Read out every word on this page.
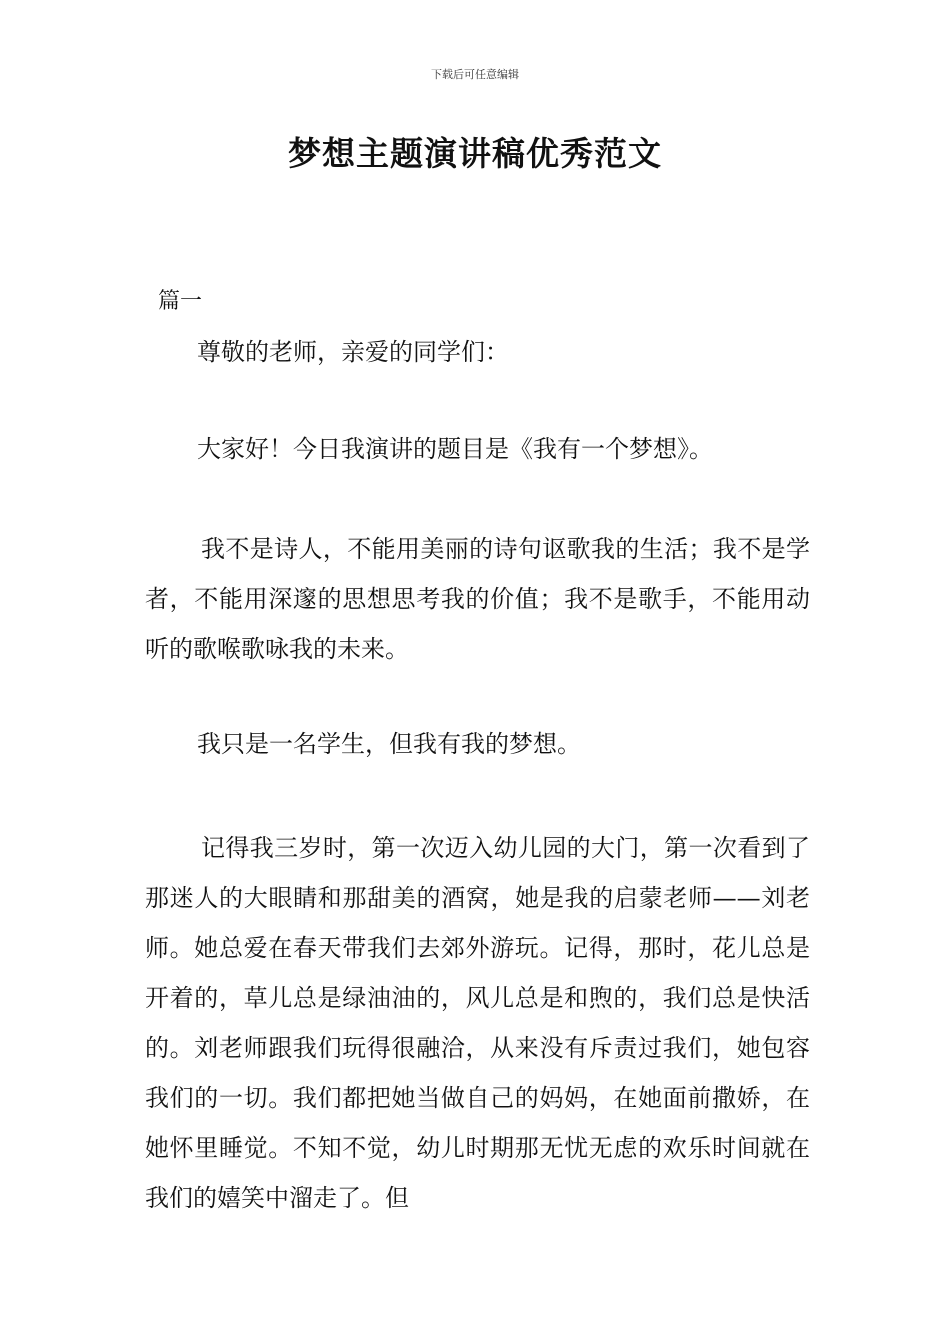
下载后可任意编辑
梦想主题演讲稿优秀范文
篇一
尊敬的老师，亲爱的同学们：
大家好！今日我演讲的题目是《我有一个梦想》。
我不是诗人，不能用美丽的诗句讴歌我的生活；我不是学者，不能用深邃的思想思考我的价值；我不是歌手，不能用动听的歌喉歌咏我的未来。
我只是一名学生，但我有我的梦想。
记得我三岁时，第一次迈入幼儿园的大门，第一次看到了那迷人的大眼睛和那甜美的酒窝，她是我的启蒙老师——刘老师。她总爱在春天带我们去郊外游玩。记得，那时，花儿总是开着的，草儿总是绿油油的，风儿总是和煦的，我们总是快活的。刘老师跟我们玩得很融洽，从来没有斥责过我们，她包容我们的一切。我们都把她当做自己的妈妈，在她面前撒娇，在她怀里睡觉。不知不觉，幼儿时期那无忧无虑的欢乐时间就在我们的嬉笑中溜走了。但
